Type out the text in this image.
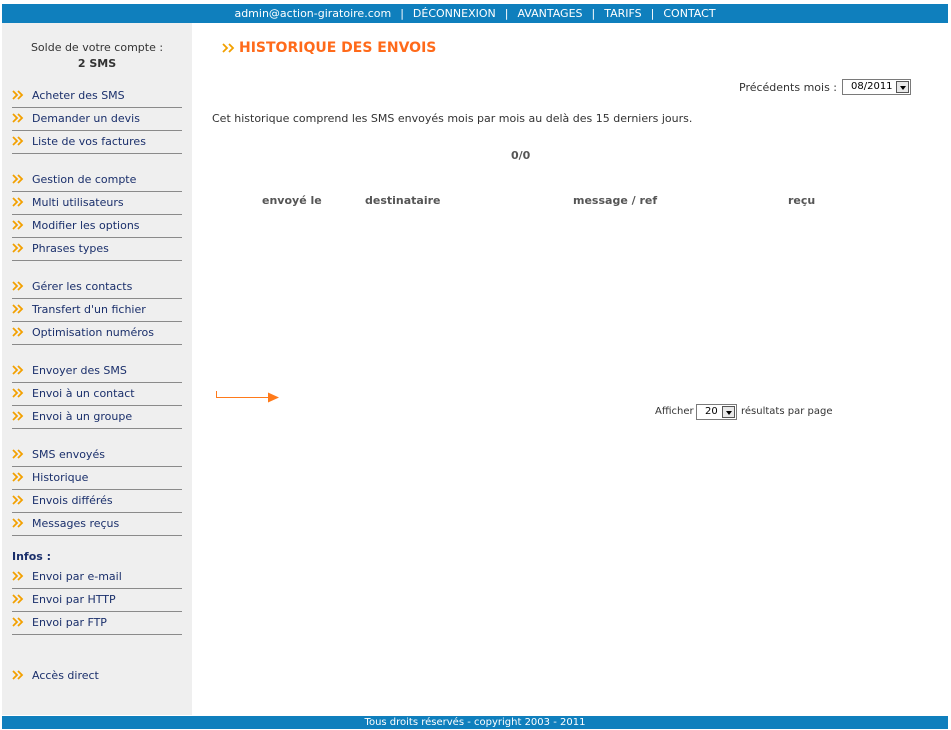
admin@action-giratoire.com | DÉCONNEXION | AVANTAGES | TARIFS | CONTACT
Solde de votre compte :
2 SMS
Acheter des SMS
Demander un devis
Liste de vos factures
Gestion de compte
Multi utilisateurs
Modifier les options
Phrases types
Gérer les contacts
Transfert d'un fichier
Optimisation numéros
Envoyer des SMS
Envoi à un contact
Envoi à un groupe
SMS envoyés
Historique
Envois différés
Messages reçus
Infos :
Envoi par e-mail
Envoi par HTTP
Envoi par FTP
Accès direct
HISTORIQUE DES ENVOIS
Précédents mois : 08/2011
Cet historique comprend les SMS envoyés mois par mois au delà des 15 derniers jours.
0/0
envoyé le	destinataire	message / ref	reçu
Afficher 20 résultats par page
Tous droits réservés - copyright 2003 - 2011
